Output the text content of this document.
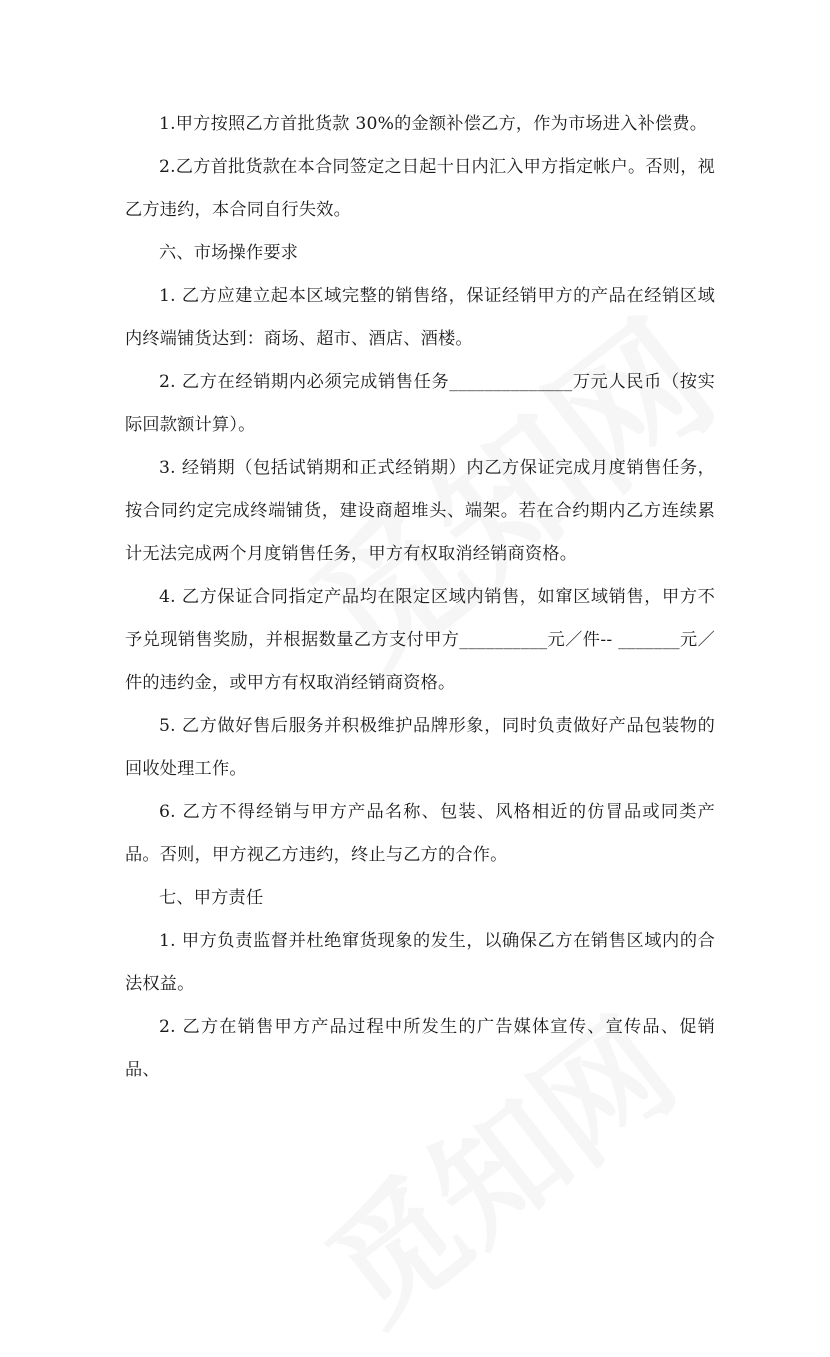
1.甲方按照乙方首批货款 30%的金额补偿乙方，作为市场进入补偿费。

2.乙方首批货款在本合同签定之日起十日内汇入甲方指定帐户。否则，视乙方违约，本合同自行失效。

六、市场操作要求

1. 乙方应建立起本区域完整的销售络，保证经销甲方的产品在经销区域内终端铺货达到：商场、超市、酒店、酒楼。

2. 乙方在经销期内必须完成销售任务______________万元人民币（按实际回款额计算）。

3. 经销期（包括试销期和正式经销期）内乙方保证完成月度销售任务，按合同约定完成终端铺货，建设商超堆头、端架。若在合约期内乙方连续累计无法完成两个月度销售任务，甲方有权取消经销商资格。

4. 乙方保证合同指定产品均在限定区域内销售，如窜区域销售，甲方不予兑现销售奖励，并根据数量乙方支付甲方__________元／件-- _______元／件的违约金，或甲方有权取消经销商资格。

5. 乙方做好售后服务并积极维护品牌形象，同时负责做好产品包装物的回收处理工作。

6. 乙方不得经销与甲方产品名称、包装、风格相近的仿冒品或同类产品。否则，甲方视乙方违约，终止与乙方的合作。

七、甲方责任

1. 甲方负责监督并杜绝窜货现象的发生，以确保乙方在销售区域内的合法权益。

2. 乙方在销售甲方产品过程中所发生的广告媒体宣传、宣传品、促销品、
